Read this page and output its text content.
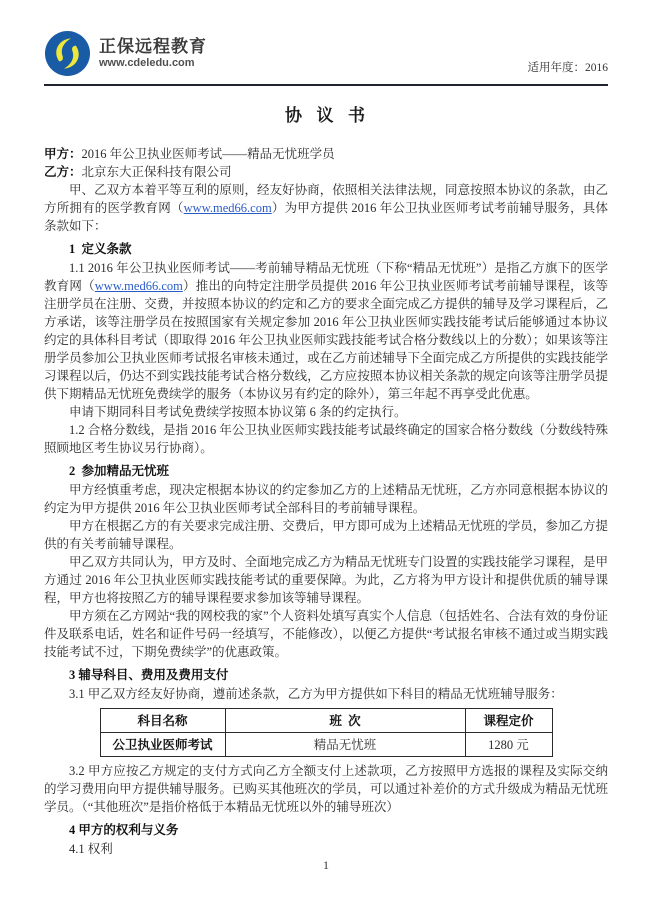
正保远程教育
www.cdeledu.com	适用年度：2016
协  议  书

甲方：2016 年公卫执业医师考试——精品无忧班学员

乙方：北京东大正保科技有限公司

甲、乙双方本着平等互利的原则，经友好协商，依照相关法律法规，同意按照本协议的条款，由乙方所拥有的医学教育网（www.med66.com）为甲方提供 2016 年公卫执业医师考试考前辅导服务，具体条款如下：

1  定义条款

1.1 2016 年公卫执业医师考试——考前辅导精品无忧班（下称“精品无忧班”）是指乙方旗下的医学教育网（www.med66.com）推出的向特定注册学员提供 2016 年公卫执业医师考试考前辅导课程，该等注册学员在注册、交费，并按照本协议的约定和乙方的要求全面完成乙方提供的辅导及学习课程后，乙方承诺，该等注册学员在按照国家有关规定参加 2016 年公卫执业医师实践技能考试后能够通过本协议约定的具体科目考试（即取得 2016 年公卫执业医师实践技能考试合格分数线以上的分数）；如果该等注册学员参加公卫执业医师考试报名审核未通过，或在乙方前述辅导下全面完成乙方所提供的实践技能学习课程以后，仍达不到实践技能考试合格分数线，乙方应按照本协议相关条款的规定向该等注册学员提供下期精品无忧班免费续学的服务（本协议另有约定的除外），第三年起不再享受此优惠。

申请下期同科目考试免费续学按照本协议第 6 条的约定执行。

1.2 合格分数线，是指 2016 年公卫执业医师实践技能考试最终确定的国家合格分数线（分数线特殊照顾地区考生协议另行协商）。

2  参加精品无忧班

甲方经慎重考虑，现决定根据本协议的约定参加乙方的上述精品无忧班，乙方亦同意根据本协议的约定为甲方提供 2016 年公卫执业医师考试全部科目的考前辅导课程。

甲方在根据乙方的有关要求完成注册、交费后，甲方即可成为上述精品无忧班的学员，参加乙方提供的有关考前辅导课程。

甲乙双方共同认为，甲方及时、全面地完成乙方为精品无忧班专门设置的实践技能学习课程，是甲方通过 2016 年公卫执业医师实践技能考试的重要保障。为此，乙方将为甲方设计和提供优质的辅导课程，甲方也将按照乙方的辅导课程要求参加该等辅导课程。

甲方须在乙方网站“我的网校我的家”个人资料处填写真实个人信息（包括姓名、合法有效的身份证件及联系电话，姓名和证件号码一经填写，不能修改），以便乙方提供“考试报名审核不通过或当期实践技能考试不过，下期免费续学”的优惠政策。

3 辅导科目、费用及费用支付

3.1 甲乙双方经友好协商，遵前述条款，乙方为甲方提供如下科目的精品无忧班辅导服务：

科目名称	班  次	课程定价
公卫执业医师考试	精品无忧班	1280 元

3.2 甲方应按乙方规定的支付方式向乙方全额支付上述款项，乙方按照甲方选报的课程及实际交纳的学习费用向甲方提供辅导服务。已购买其他班次的学员，可以通过补差价的方式升级成为精品无忧班学员。（“其他班次”是指价格低于本精品无忧班以外的辅导班次）

4 甲方的权利与义务

4.1 权利

1
